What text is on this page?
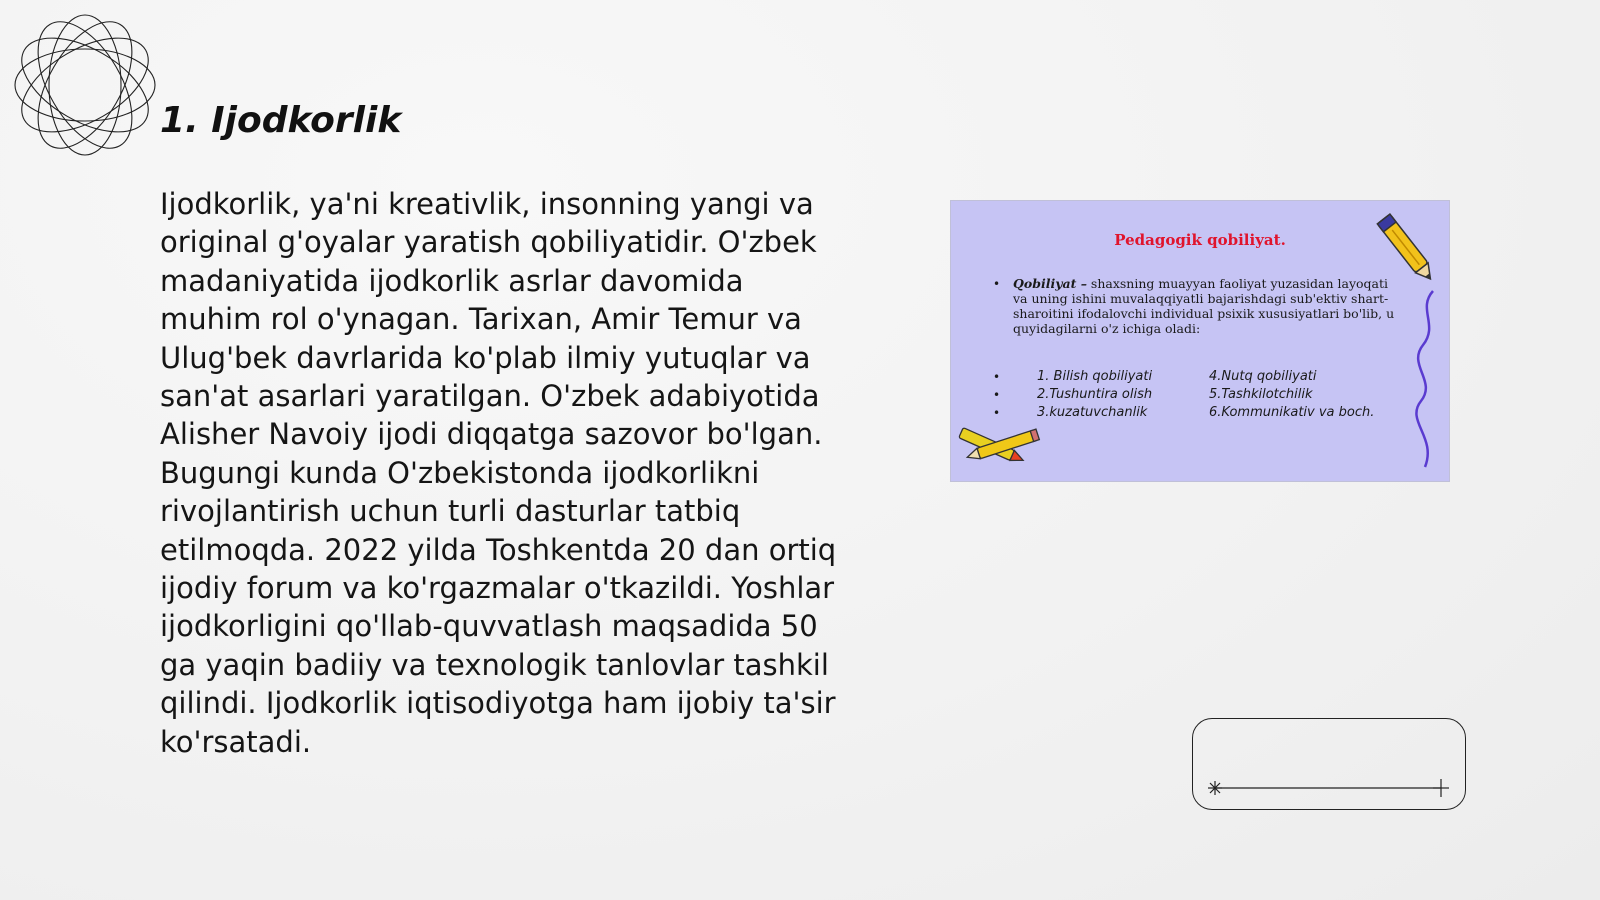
1. Ijodkorlik

Ijodkorlik, ya'ni kreativlik, insonning yangi va original g'oyalar yaratish qobiliyatidir. O'zbek madaniyatida ijodkorlik asrlar davomida muhim rol o'ynagan. Tarixan, Amir Temur va Ulug'bek davrlarida ko'plab ilmiy yutuqlar va san'at asarlari yaratilgan. O'zbek adabiyotida Alisher Navoiy ijodi diqqatga sazovor bo'lgan. Bugungi kunda O'zbekistonda ijodkorlikni rivojlantirish uchun turli dasturlar tatbiq etilmoqda. 2022 yilda Toshkentda 20 dan ortiq ijodiy forum va ko'rgazmalar o'tkazildi. Yoshlar ijodkorligini qo'llab-quvvatlash maqsadida 50 ga yaqin badiiy va texnologik tanlovlar tashkil qilindi. Ijodkorlik iqtisodiyotga ham ijobiy ta'sir ko'rsatadi.

Pedagogik qobiliyat.
• Qobiliyat – shaxsning muayyan faoliyat yuzasidan layoqati va uning ishini muvalaqqiyatli bajarishdagi sub'ektiv shart-sharoitini ifodalovchi individual psixik xususiyatlari bo'lib, u quyidagilarni o'z ichiga oladi:

•
•
•
1. Bilish qobiliyati	4.Nutq qobiliyati
2.Tushuntira olish	5.Tashkilotchilik
3.kuzatuvchanlik	6.Kommunikativ va boch.
